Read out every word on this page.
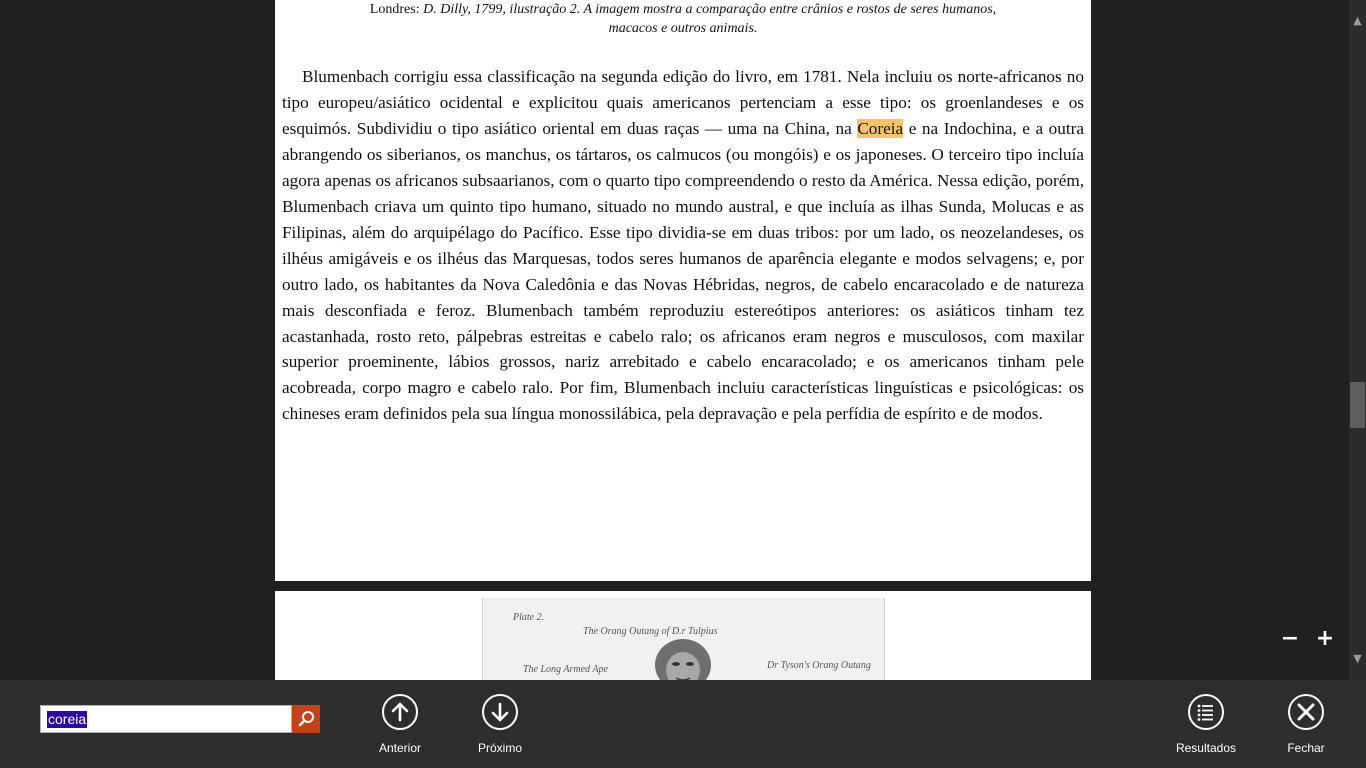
Londres: D. Dilly, 1799, ilustração 2. A imagem mostra a comparação entre crânios e rostos de seres humanos,
macacos e outros animais.
Blumenbach corrigiu essa classificação na segunda edição do livro, em 1781. Nela incluiu os norte-africanos no tipo europeu/asiático ocidental e explicitou quais americanos pertenciam a esse tipo: os groenlandeses e os esquimós. Subdividiu o tipo asiático oriental em duas raças — uma na China, na Coreia e na Indochina, e a outra abrangendo os siberianos, os manchus, os tártaros, os calmucos (ou mongóis) e os japoneses. O terceiro tipo incluía agora apenas os africanos subsaarianos, com o quarto tipo compreendendo o resto da América. Nessa edição, porém, Blumenbach criava um quinto tipo humano, situado no mundo austral, e que incluía as ilhas Sunda, Molucas e as Filipinas, além do arquipélago do Pacífico. Esse tipo dividia-se em duas tribos: por um lado, os neozelandeses, os ilhéus amigáveis e os ilhéus das Marquesas, todos seres humanos de aparência elegante e modos selvagens; e, por outro lado, os habitantes da Nova Caledônia e das Novas Hébridas, negros, de cabelo encaracolado e de natureza mais desconfiada e feroz. Blumenbach também reproduziu estereótipos anteriores: os asiáticos tinham tez acastanhada, rosto reto, pálpebras estreitas e cabelo ralo; os africanos eram negros e musculosos, com maxilar superior proeminente, lábios grossos, nariz arrebitado e cabelo encaracolado; e os americanos tinham pele acobreada, corpo magro e cabelo ralo. Por fim, Blumenbach incluiu características linguísticas e psicológicas: os chineses eram definidos pela sua língua monossilábica, pela depravação e pela perfídia de espírito e de modos.
Plate 2.
The Orang Outang of D.r Tulpius
The Long Armed Ape	Dr Tyson's Orang Outang
▲
▼
− +
coreia
Anterior	Próximo	Resultados	Fechar
